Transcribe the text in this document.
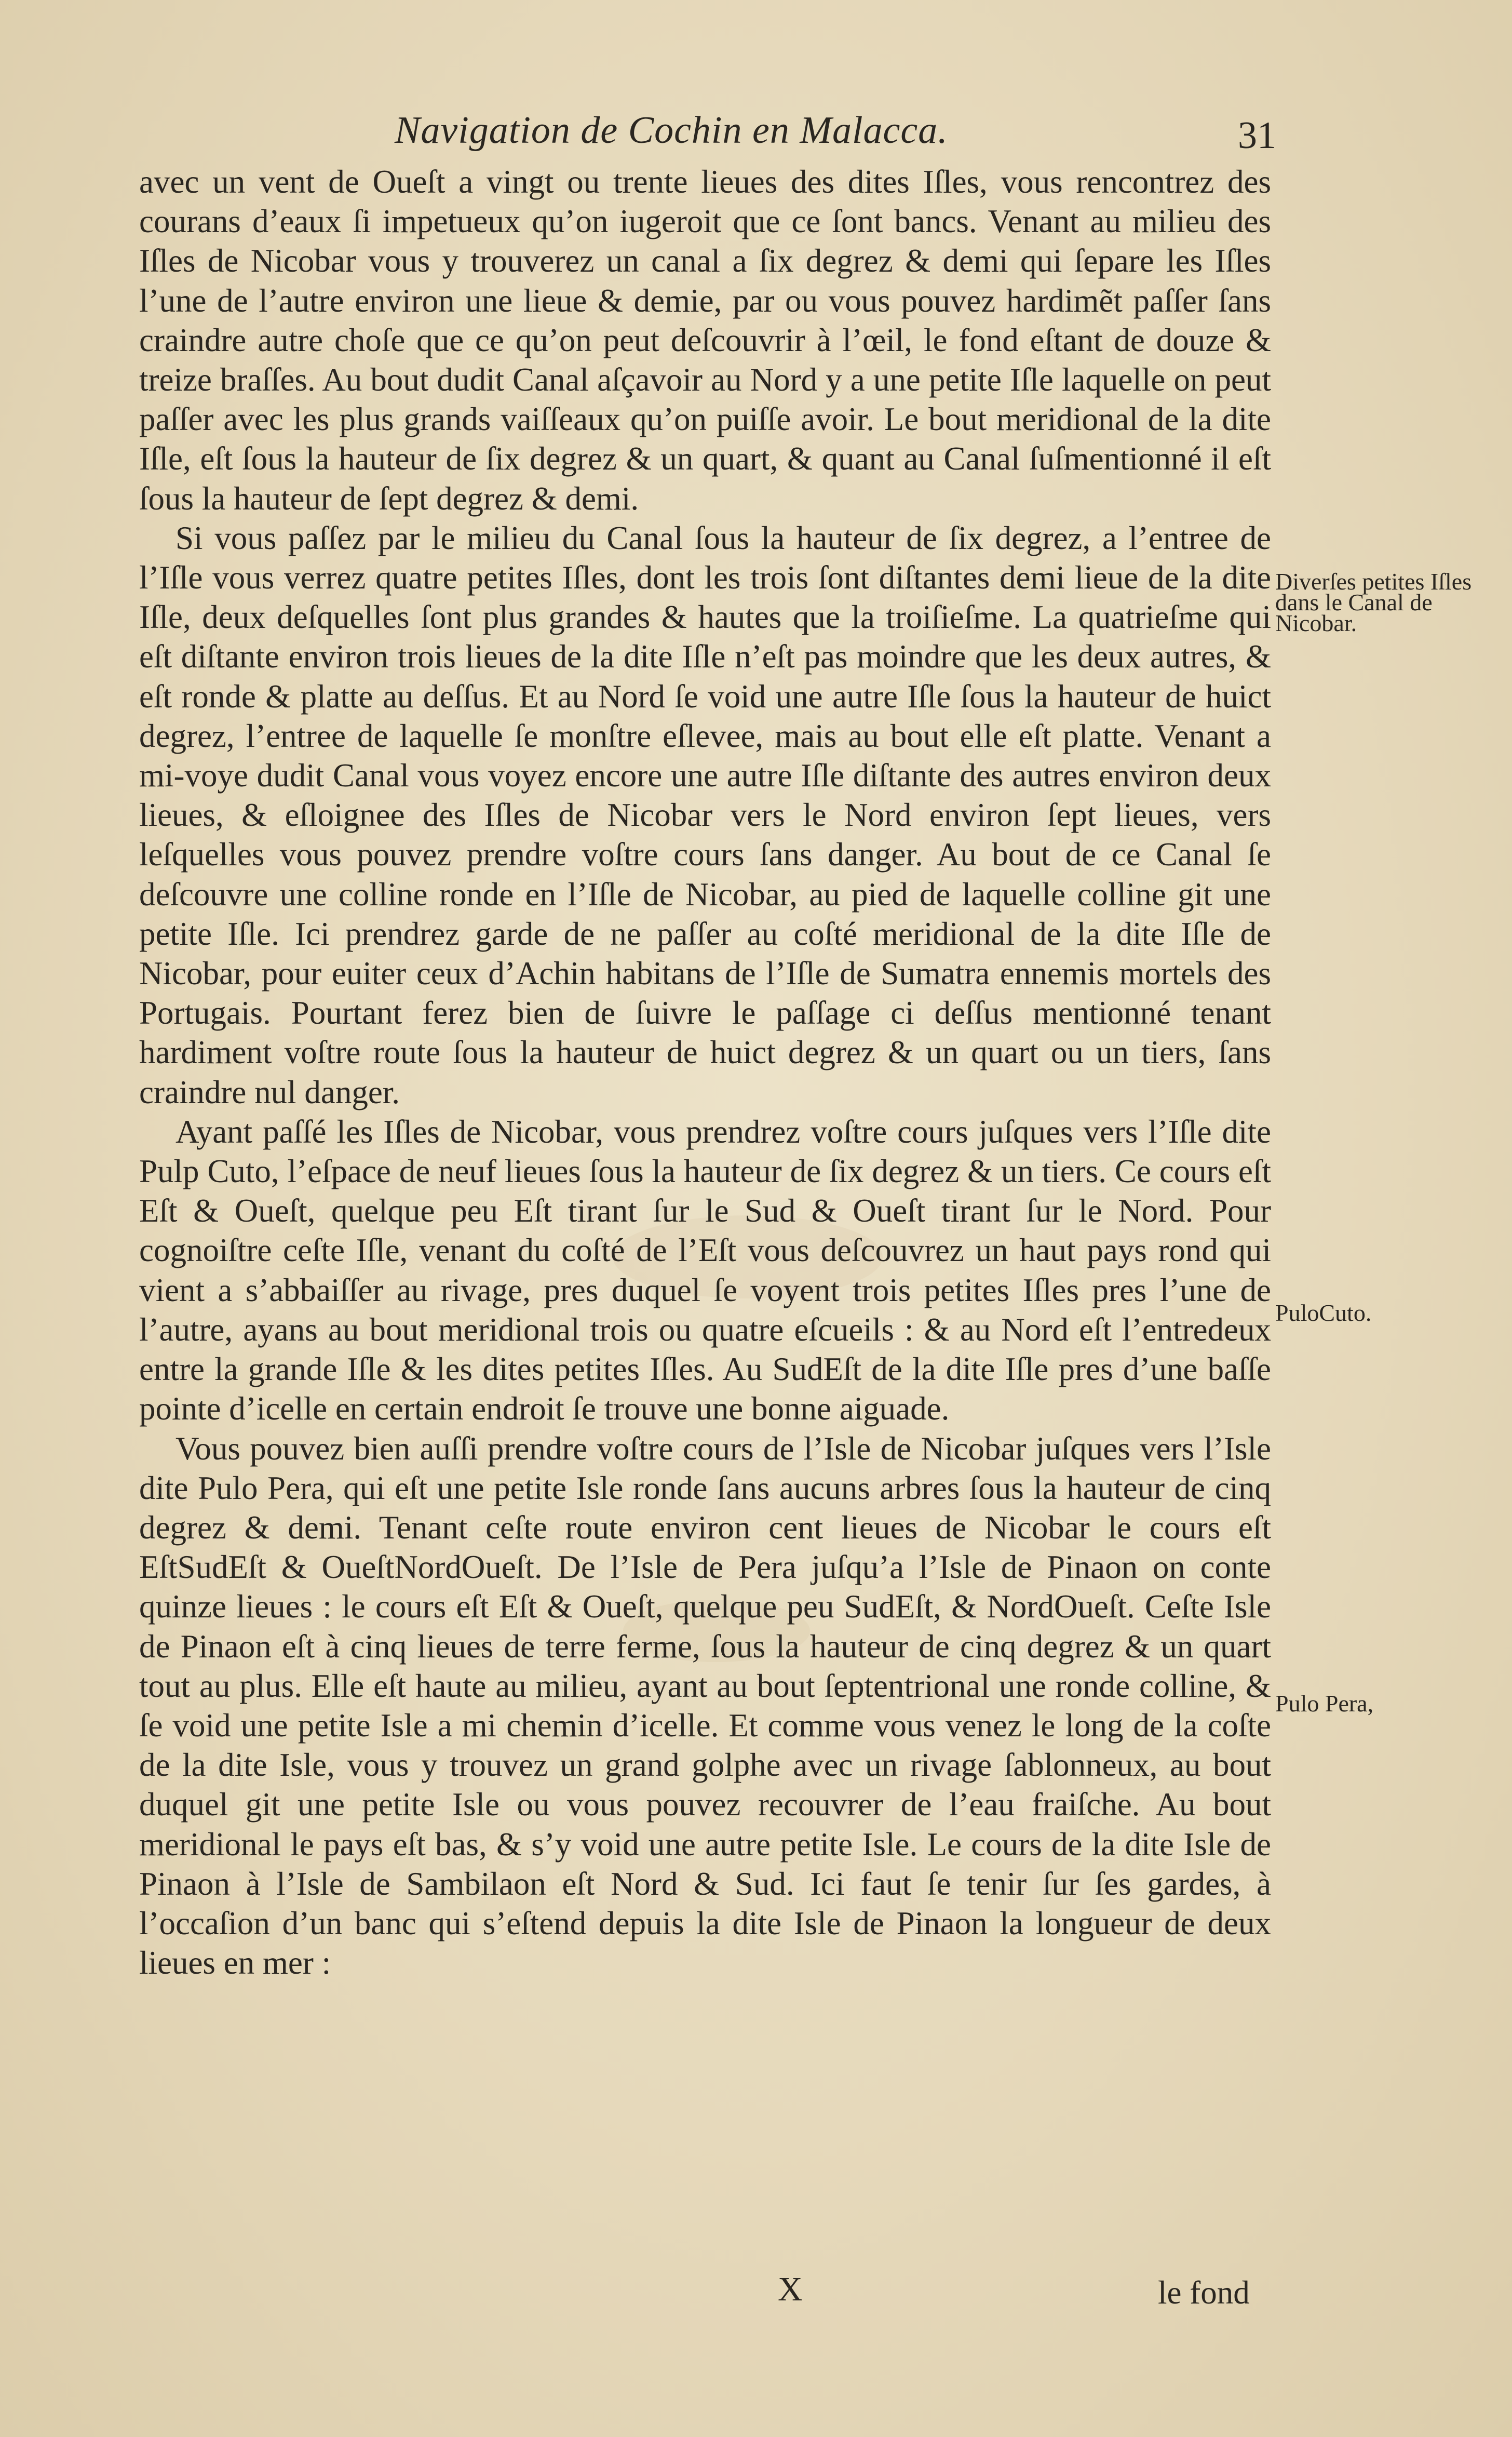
Navigation de Cochin en Malacca.	31

avec un vent de Oueſt a vingt ou trente lieues des dites Iſles, vous rencontrez des courans d’eaux ſi impetueux qu’on iugeroit que ce ſont bancs. Venant au milieu des Iſles de Nicobar vous y trouverez un canal a ſix degrez & demi qui ſepare les Iſles l’une de l’autre environ une lieue & demie, par ou vous pouvez hardimẽt paſſer ſans craindre autre choſe que ce qu’on peut deſcouvrir à l’œil, le fond eſtant de douze & treize braſſes. Au bout dudit Canal aſçavoir au Nord y a une petite Iſle laquelle on peut paſſer avec les plus grands vaiſſeaux qu’on puiſſe avoir. Le bout meridional de la dite Iſle, eſt ſous la hauteur de ſix degrez & un quart, & quant au Canal ſuſmentionné il eſt ſous la hauteur de ſept degrez & demi.

Si vous paſſez par le milieu du Canal ſous la hauteur de ſix degrez, a l’entree de l’Iſle vous verrez quatre petites Iſles, dont les trois ſont diſtantes demi lieue de la dite Iſle, deux deſquelles ſont plus grandes & hautes que la troiſieſme. La quatrieſme qui eſt diſtante environ trois lieues de la dite Iſle n’eſt pas moindre que les deux autres, & eſt ronde & platte au deſſus. Et au Nord ſe void une autre Iſle ſous la hauteur de huict degrez, l’entree de laquelle ſe monſtre eſlevee, mais au bout elle eſt platte. Venant a mi-voye dudit Canal vous voyez encore une autre Iſle diſtante des autres environ deux lieues, & eſloignee des Iſles de Nicobar vers le Nord environ ſept lieues, vers leſquelles vous pouvez prendre voſtre cours ſans danger. Au bout de ce Canal ſe deſcouvre une colline ronde en l’Iſle de Nicobar, au pied de laquelle colline git une petite Iſle. Ici prendrez garde de ne paſſer au coſté meridional de la dite Iſle de Nicobar, pour euiter ceux d’Achin habitans de l’Iſle de Sumatra ennemis mortels des Portugais. Pourtant ferez bien de ſuivre le paſſage ci deſſus mentionné tenant hardiment voſtre route ſous la hauteur de huict degrez & un quart ou un tiers, ſans craindre nul danger.

Ayant paſſé les Iſles de Nicobar, vous prendrez voſtre cours juſques vers l’Iſle dite Pulp Cuto, l’eſpace de neuf lieues ſous la hauteur de ſix degrez & un tiers. Ce cours eſt Eſt & Oueſt, quelque peu Eſt tirant ſur le Sud & Oueſt tirant ſur le Nord. Pour cognoiſtre ceſte Iſle, venant du coſté de l’Eſt vous deſcouvrez un haut pays rond qui vient a s’abbaiſſer au rivage, pres duquel ſe voyent trois petites Iſles pres l’une de l’autre, ayans au bout meridional trois ou quatre eſcueils : & au Nord eſt l’entredeux entre la grande Iſle & les dites petites Iſles. Au SudEſt de la dite Iſle pres d’une baſſe pointe d’icelle en certain endroit ſe trouve une bonne aiguade.

Vous pouvez bien auſſi prendre voſtre cours de l’Isle de Nicobar juſques vers l’Isle dite Pulo Pera, qui eſt une petite Isle ronde ſans aucuns arbres ſous la hauteur de cinq degrez & demi. Tenant ceſte route environ cent lieues de Nicobar le cours eſt EſtSudEſt & OueſtNordOueſt. De l’Isle de Pera juſqu’a l’Isle de Pinaon on conte quinze lieues : le cours eſt Eſt & Oueſt, quelque peu SudEſt, & NordOueſt. Ceſte Isle de Pinaon eſt à cinq lieues de terre ferme, ſous la hauteur de cinq degrez & un quart tout au plus. Elle eſt haute au milieu, ayant au bout ſeptentrional une ronde colline, & ſe void une petite Isle a mi chemin d’icelle. Et comme vous venez le long de la coſte de la dite Isle, vous y trouvez un grand golphe avec un rivage ſablonneux, au bout duquel git une petite Isle ou vous pouvez recouvrer de l’eau fraiſche. Au bout meridional le pays eſt bas, & s’y void une autre petite Isle. Le cours de la dite Isle de Pinaon à l’Isle de Sambilaon eſt Nord & Sud. Ici faut ſe tenir ſur ſes gardes, à l’occaſion d’un banc qui s’eſtend depuis la dite Isle de Pinaon la longueur de deux lieues en mer :

Diverſes petites Iſles dans le Canal de Nicobar.
PuloCuto.
Pulo Pera,
X	le fond
